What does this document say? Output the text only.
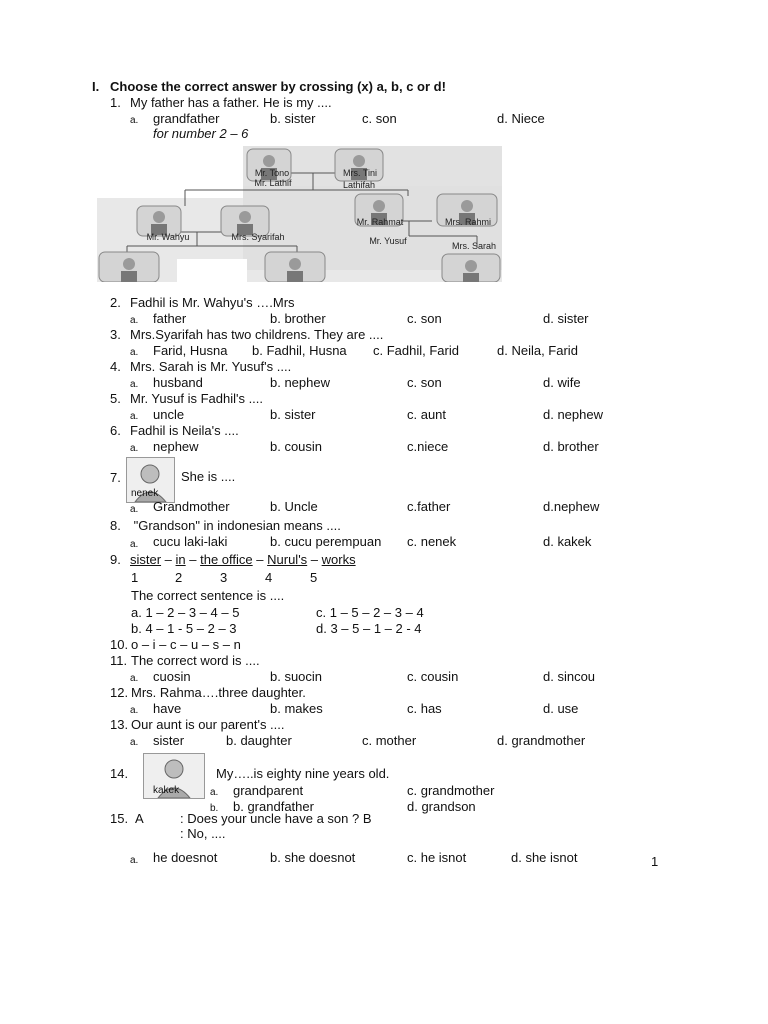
I. Choose the correct answer by crossing (x) a, b, c or d!
1. My father has a father. He is my ....
a. grandfather	b. sister	c. son	d. Niece
for number 2 – 6
Mr. Tono	Mrs. Tini
Mr. Lathif	Lathifah
Mr. Wahyu	Mrs. Syarifah
Mr. Rahmat	Mrs. Rahmi
Mr. Yusuf	Mrs. Sarah
2. Fadhil is Mr. Wahyu's ….Mrs
a. father	b. brother	c. son	d. sister
3. Mrs.Syarifah has two childrens. They are ....
a. Farid, Husna b. Fadhil, Husna c. Fadhil, Farid	d. Neila, Farid
4. Mrs. Sarah is Mr. Yusuf's ....
a. husband	b. nephew	c. son	d. wife
5. Mr. Yusuf is Fadhil's ....
a. uncle	b. sister	c. aunt	d. nephew
6. Fadhil is Neila's ....
a. nephew	b. cousin	c.niece	d. brother
7.
nenek
She is ....
a. Grandmother	b. Uncle	c.father	d.nephew
8. "Grandson" in indonesian means ....
a. cucu laki-laki	b. cucu perempuan c. nenek	d. kakek
9. sister – in – the office – Nurul's – works
1	2	3	4	5
The correct sentence is ....
a. 1 – 2 – 3 – 4 – 5	c. 1 – 5 – 2 – 3 – 4
b. 4 – 1 - 5 – 2 – 3	d. 3 – 5 – 1 – 2 - 4
10. o – i – c – u – s – n
11. The correct word is ....
a. cuosin	b. suocin	c. cousin	d. sincou
12. Mrs. Rahma….three daughter.
a. have	b. makes	c. has	d. use
13. Our aunt is our parent's ....
a. sister	b. daughter	c. mother	d. grandmother
14.
kakek
My…..is eighty nine years old.
a. grandparent	c. grandmother
b. b. grandfather	d. grandson
15. A	: Does your uncle have a son ? B
: No, ....
a. he doesnot	b. she doesnot	c. he isnot	d. she isnot	1
